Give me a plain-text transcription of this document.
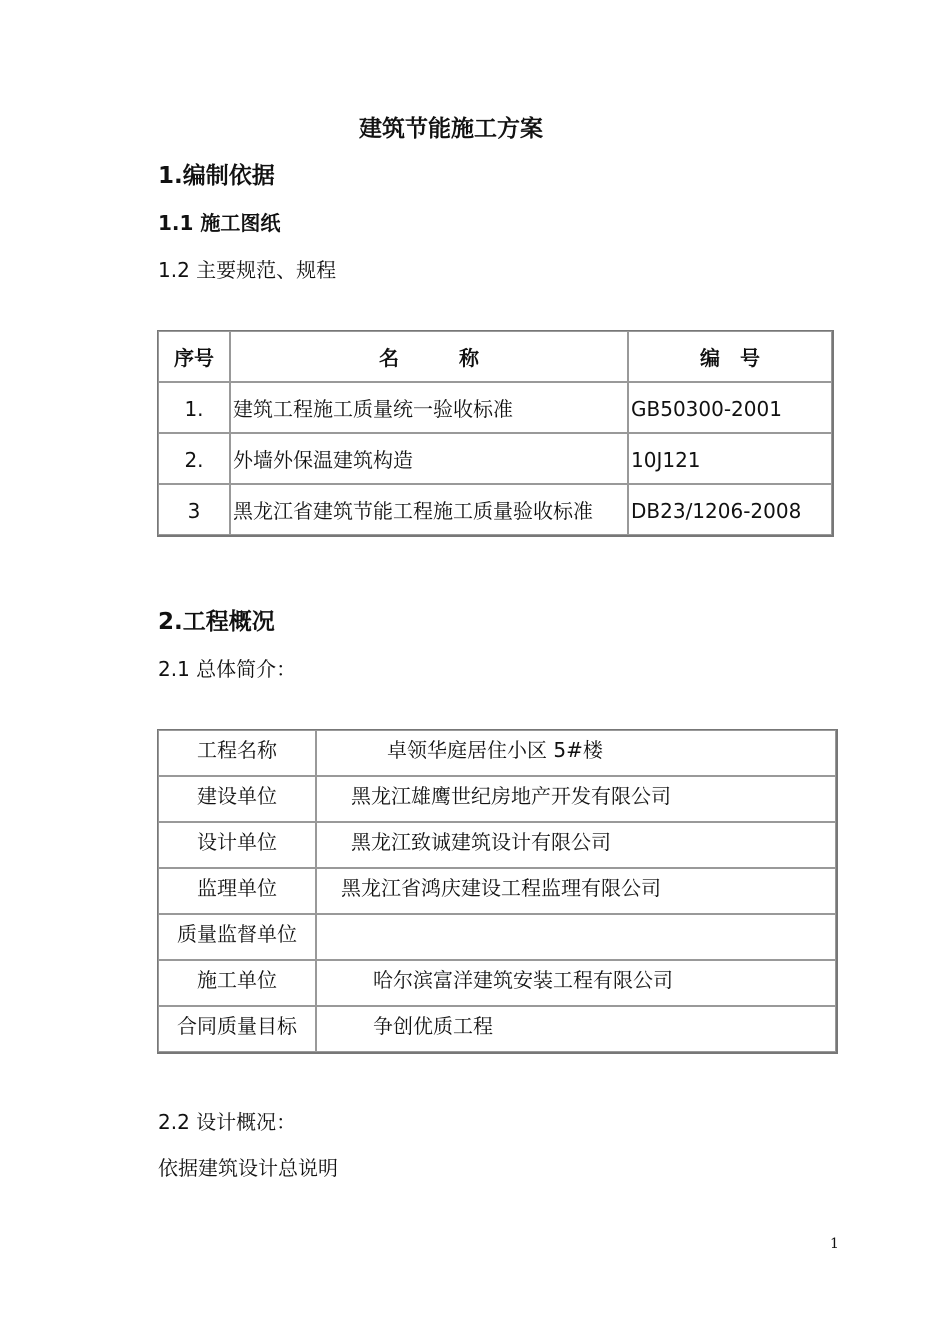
建筑节能施工方案
1.编制依据
1.1 施工图纸
1.2 主要规范、规程
序号	名　　　称	编　号
1.	建筑工程施工质量统一验收标准	GB50300-2001
2.	外墙外保温建筑构造	10J121
3	黑龙江省建筑节能工程施工质量验收标准	DB23/1206-2008
2.工程概况
2.1 总体简介：
工程名称	卓领华庭居住小区 5#楼
建设单位	黑龙江雄鹰世纪房地产开发有限公司
设计单位	黑龙江致诚建筑设计有限公司
监理单位	黑龙江省鸿庆建设工程监理有限公司
质量监督单位	
施工单位	哈尔滨富洋建筑安装工程有限公司
合同质量目标	争创优质工程
2.2 设计概况：
依据建筑设计总说明
1
